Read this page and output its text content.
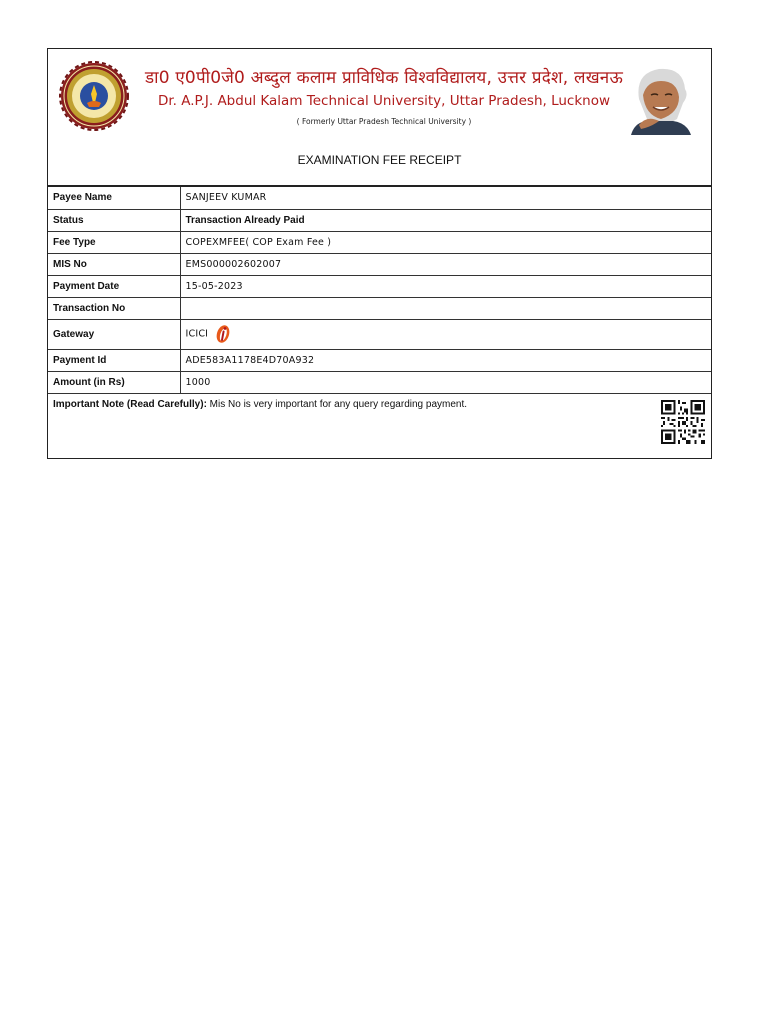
डा0 ए0पी0जे0 अब्दुल कलाम प्राविधिक विश्वविद्यालय, उत्तर प्रदेश, लखनऊ
Dr. A.P.J. Abdul Kalam Technical University, Uttar Pradesh, Lucknow
( Formerly Uttar Pradesh Technical University )
EXAMINATION FEE RECEIPT
Payee Name	SANJEEV KUMAR
Status	Transaction Already Paid
Fee Type	COPEXMFEE( COP Exam Fee )
MIS No	EMS000002602007
Payment Date	15-05-2023
Transaction No	
Gateway	ICICI
Payment Id	ADE583A1178E4D70A932
Amount (in Rs)	1000
Important Note (Read Carefully): Mis No is very important for any query regarding payment.
